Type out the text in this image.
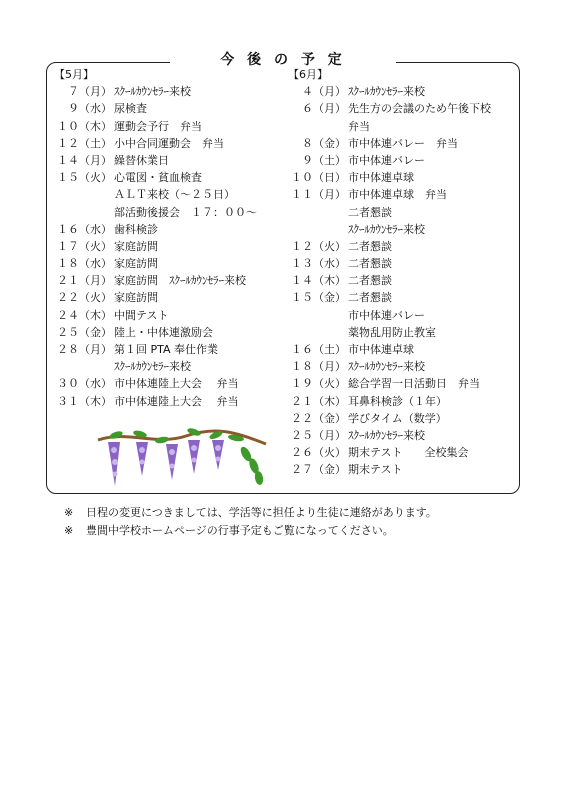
今 後 の 予 定
【5月】
７（月） ｽｸｰﾙｶｳﾝｾﾗｰ来校
９（水） 尿検査
１０（木） 運動会予行　弁当
１２（土） 小中合同運動会　弁当
１４（月） 繰替休業日
１５（火） 心電図・貧血検査
ＡＬＴ来校（～２５日）
部活動後援会　１７：００～
１６（水） 歯科検診
１７（火） 家庭訪問
１８（水） 家庭訪問
２１（月） 家庭訪問　ｽｸｰﾙｶｳﾝｾﾗｰ来校
２２（火） 家庭訪問
２４（木） 中間テスト
２５（金） 陸上・中体連激励会
２８（月） 第１回 PTA 奉仕作業
ｽｸｰﾙｶｳﾝｾﾗｰ来校
３０（水） 市中体連陸上大会　 弁当
３１（木） 市中体連陸上大会　 弁当
【6月】
４（月） ｽｸｰﾙｶｳﾝｾﾗｰ来校
６（月） 先生方の会議のため午後下校
弁当
８（金） 市中体連バレー　弁当
９（土） 市中体連バレー
１０（日） 市中体連卓球
１１（月） 市中体連卓球　弁当
二者懇談
ｽｸｰﾙｶｳﾝｾﾗｰ来校
１２（火） 二者懇談
１３（水） 二者懇談
１４（木） 二者懇談
１５（金） 二者懇談
市中体連バレー
薬物乱用防止教室
１６（土） 市中体連卓球
１８（月） ｽｸｰﾙｶｳﾝｾﾗｰ来校
１９（火） 総合学習一日活動日　弁当
２１（木） 耳鼻科検診（１年）
２２（金） 学びタイム（数学）
２５（月） ｽｸｰﾙｶｳﾝｾﾗｰ来校
２６（火） 期末テスト　　全校集会
２７（金） 期末テスト
※ 日程の変更につきましては、学活等に担任より生徒に連絡があります。
※ 豊間中学校ホームページの行事予定もご覧になってください。
